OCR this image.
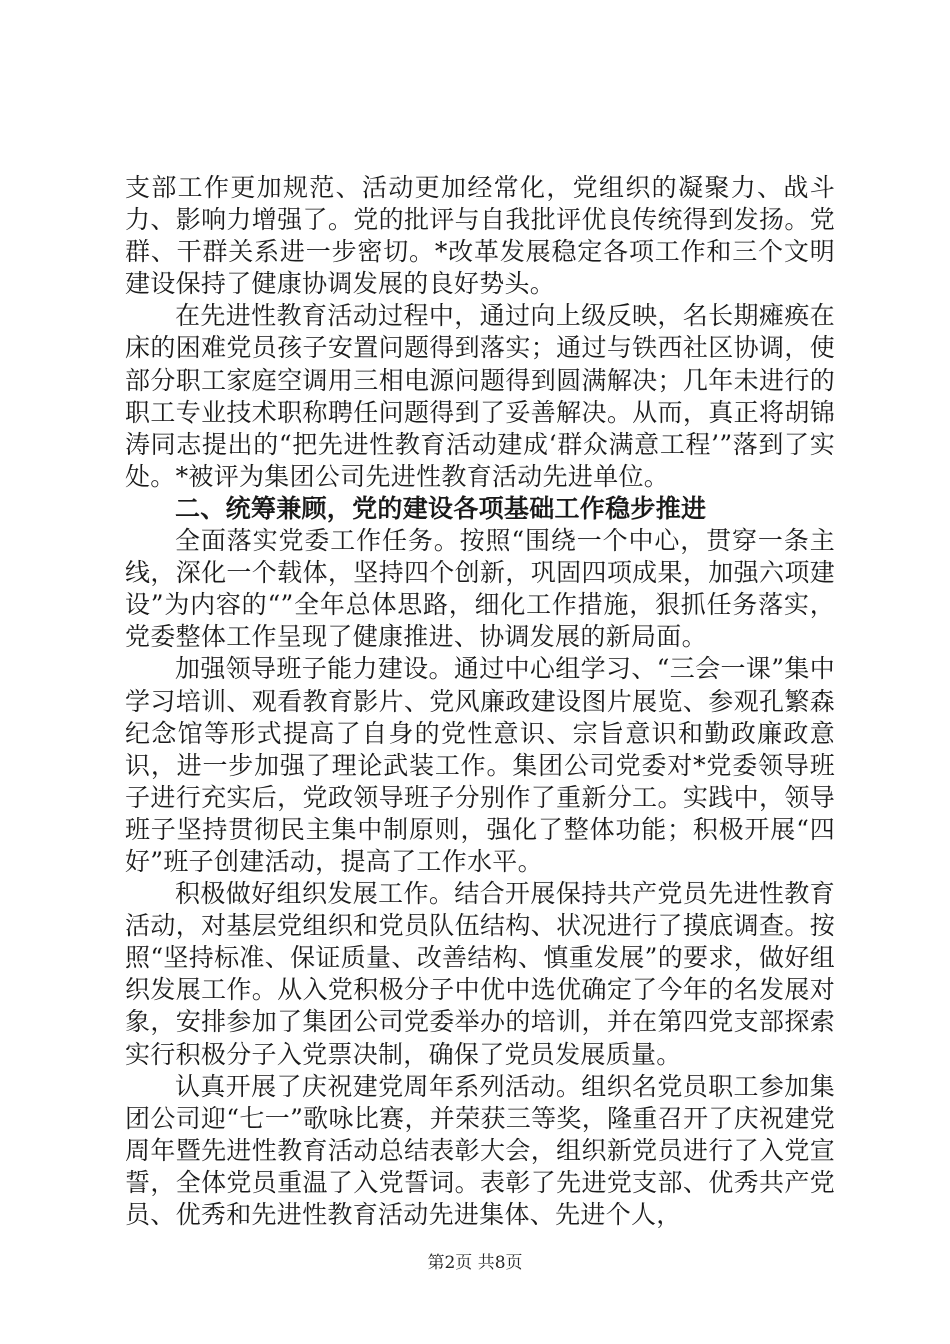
支部工作更加规范、活动更加经常化，党组织的凝聚力、战斗力、影响力增强了。党的批评与自我批评优良传统得到发扬。党群、干群关系进一步密切。*改革发展稳定各项工作和三个文明建设保持了健康协调发展的良好势头。

在先进性教育活动过程中，通过向上级反映，名长期瘫痪在床的困难党员孩子安置问题得到落实；通过与铁西社区协调，使部分职工家庭空调用三相电源问题得到圆满解决；几年未进行的职工专业技术职称聘任问题得到了妥善解决。从而，真正将胡锦涛同志提出的“把先进性教育活动建成‘群众满意工程’”落到了实处。*被评为集团公司先进性教育活动先进单位。

二、统筹兼顾，党的建设各项基础工作稳步推进

全面落实党委工作任务。按照“围绕一个中心，贯穿一条主线，深化一个载体，坚持四个创新，巩固四项成果，加强六项建设”为内容的“”全年总体思路，细化工作措施，狠抓任务落实，党委整体工作呈现了健康推进、协调发展的新局面。

加强领导班子能力建设。通过中心组学习、“三会一课”集中学习培训、观看教育影片、党风廉政建设图片展览、参观孔繁森纪念馆等形式提高了自身的党性意识、宗旨意识和勤政廉政意识，进一步加强了理论武装工作。集团公司党委对*党委领导班子进行充实后，党政领导班子分别作了重新分工。实践中，领导班子坚持贯彻民主集中制原则，强化了整体功能；积极开展“四好”班子创建活动，提高了工作水平。

积极做好组织发展工作。结合开展保持共产党员先进性教育活动，对基层党组织和党员队伍结构、状况进行了摸底调查。按照“坚持标准、保证质量、改善结构、慎重发展”的要求，做好组织发展工作。从入党积极分子中优中选优确定了今年的名发展对象，安排参加了集团公司党委举办的培训，并在第四党支部探索实行积极分子入党票决制，确保了党员发展质量。

认真开展了庆祝建党周年系列活动。组织名党员职工参加集团公司迎“七一”歌咏比赛，并荣获三等奖，隆重召开了庆祝建党周年暨先进性教育活动总结表彰大会，组织新党员进行了入党宣誓，全体党员重温了入党誓词。表彰了先进党支部、优秀共产党员、优秀和先进性教育活动先进集体、先进个人，

第2页 共8页
